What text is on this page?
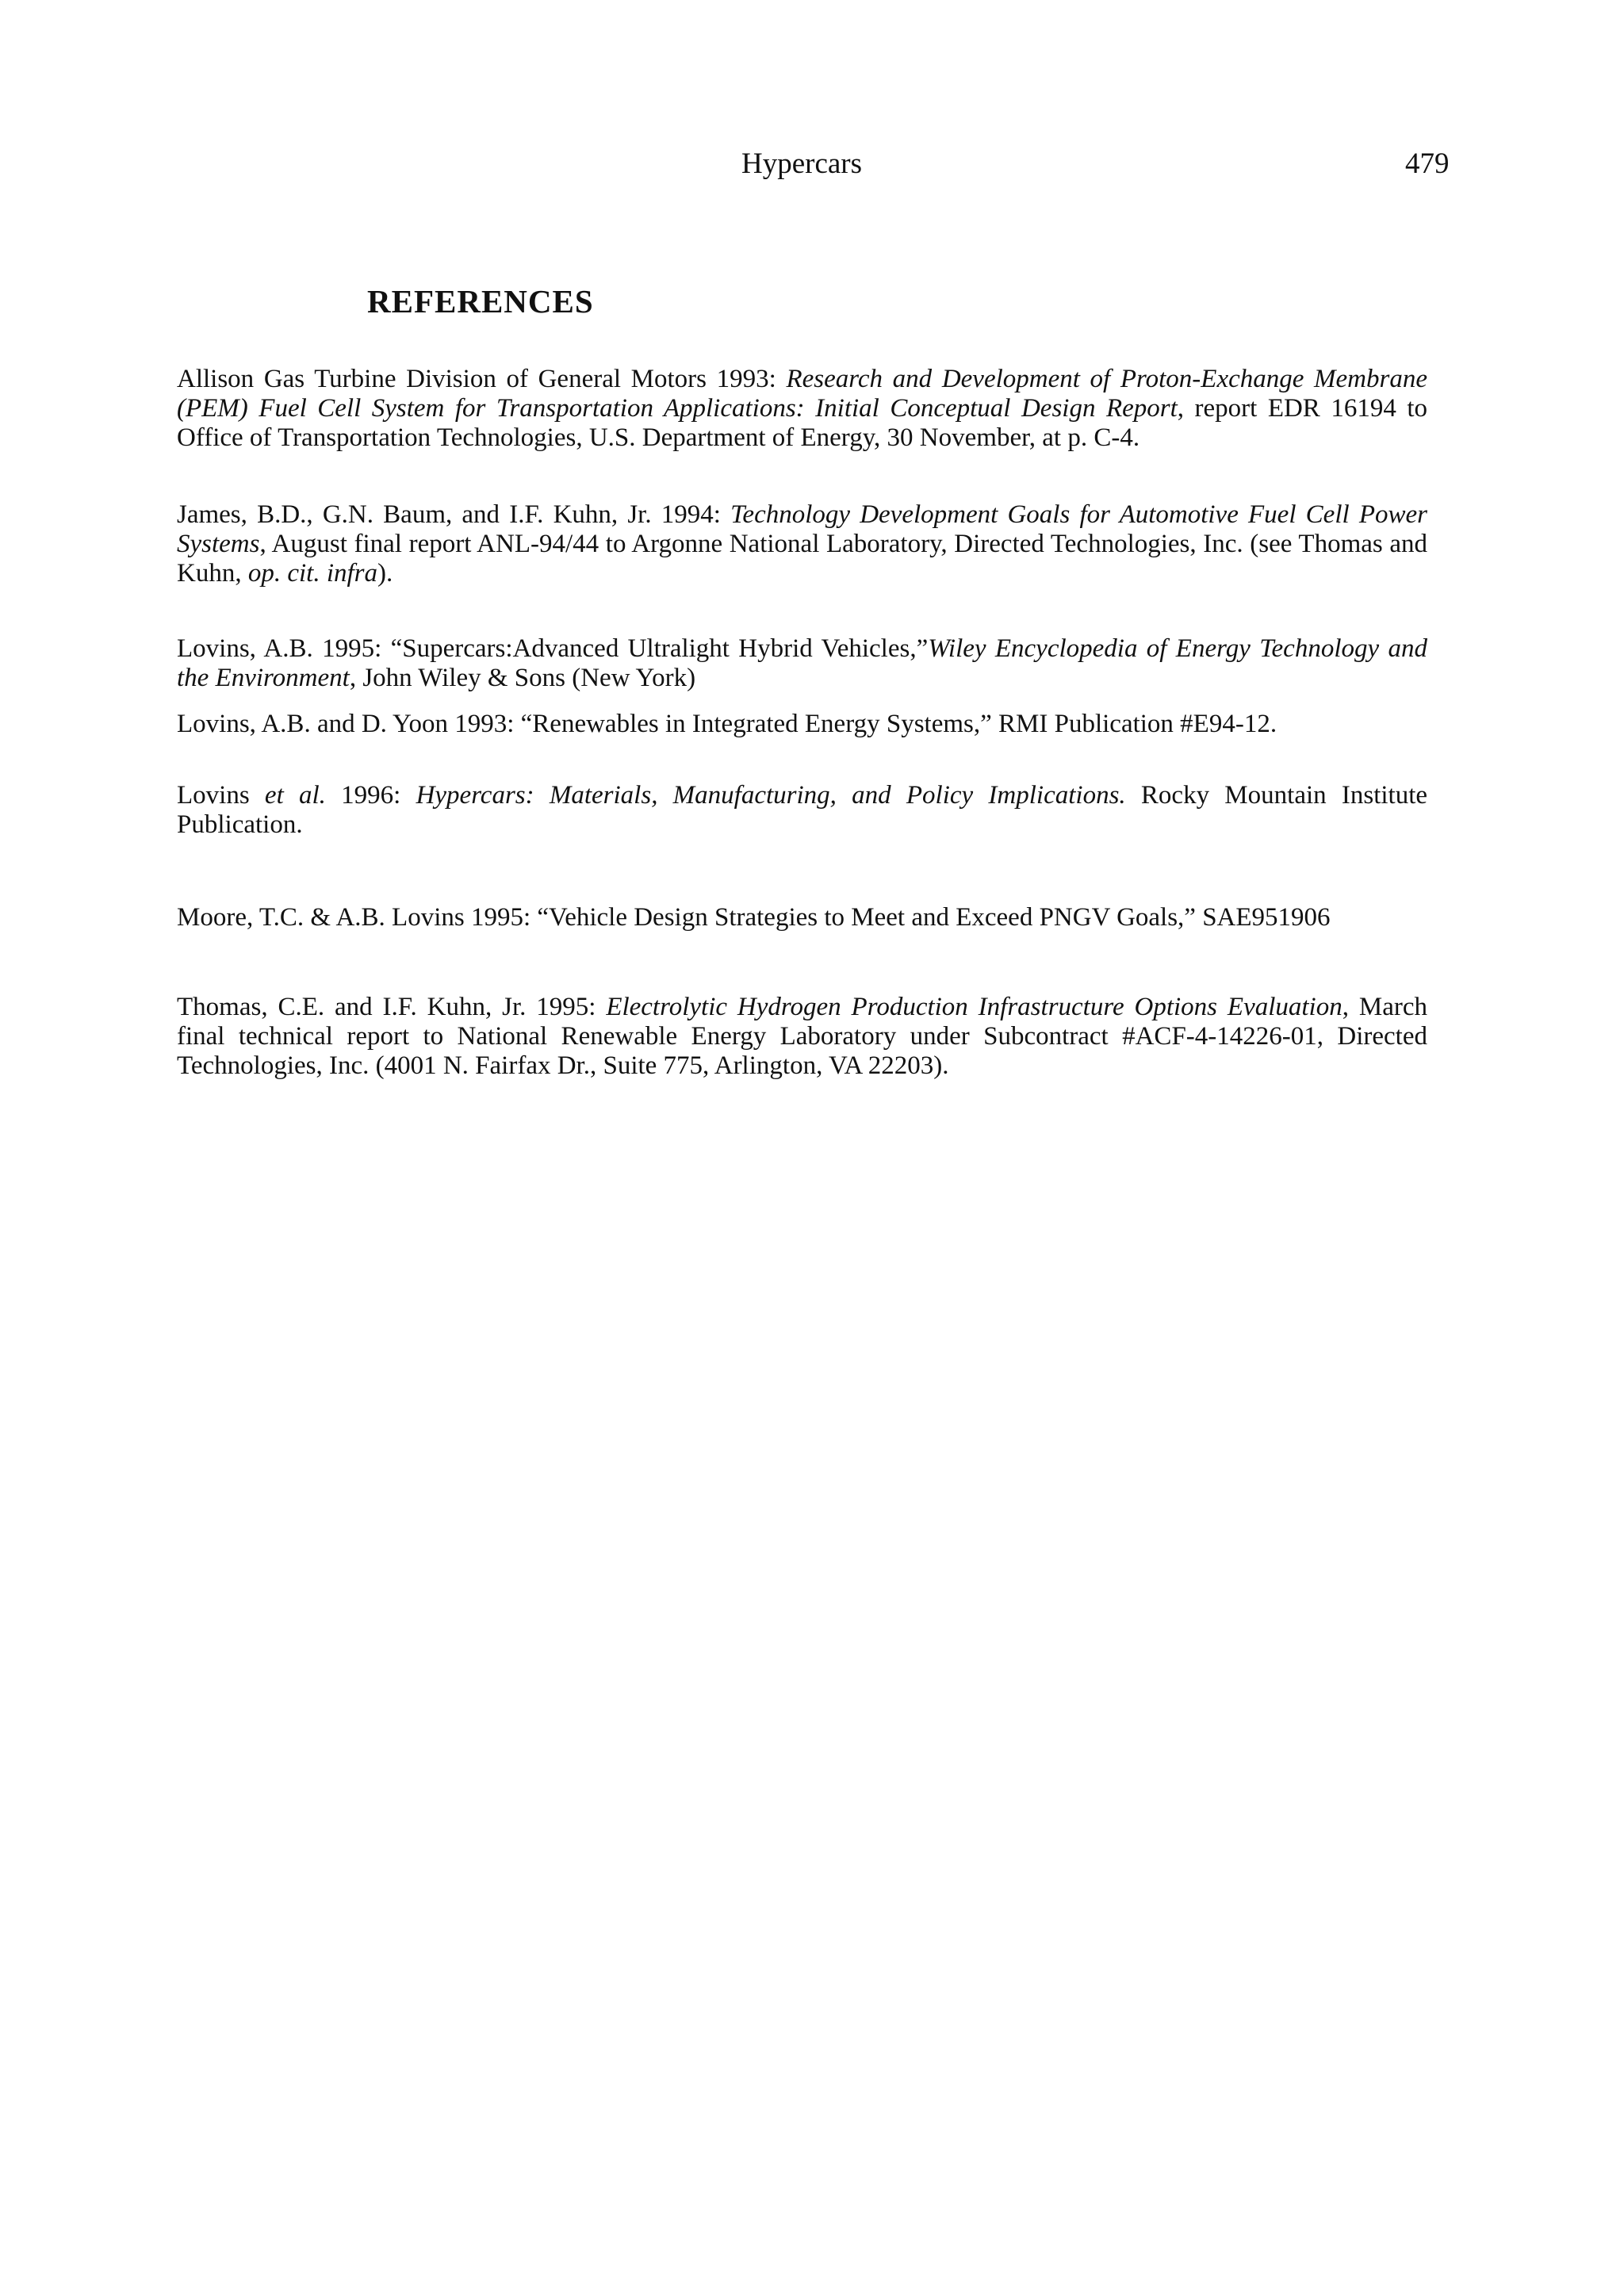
Hypercars	479
REFERENCES

Allison Gas Turbine Division of General Motors 1993: Research and Development of Proton-Exchange Membrane (PEM) Fuel Cell System for Transportation Applications: Initial Conceptual Design Report, report EDR 16194 to Office of Transportation Technologies, U.S. Department of Energy, 30 November, at p. C-4.

James, B.D., G.N. Baum, and I.F. Kuhn, Jr. 1994: Technology Development Goals for Automotive Fuel Cell Power Systems, August final report ANL-94/44 to Argonne National Laboratory, Directed Technologies, Inc. (see Thomas and Kuhn, op. cit. infra).

Lovins, A.B. 1995: “Supercars:Advanced Ultralight Hybrid Vehicles,”Wiley Encyclopedia of Energy Technology and the Environment, John Wiley & Sons (New York)

Lovins, A.B. and D. Yoon 1993: “Renewables in Integrated Energy Systems,” RMI Publication #E94-12.

Lovins et al. 1996: Hypercars: Materials, Manufacturing, and Policy Implications. Rocky Mountain Institute Publication.

Moore, T.C. & A.B. Lovins 1995: “Vehicle Design Strategies to Meet and Exceed PNGV Goals,” SAE951906

Thomas, C.E. and I.F. Kuhn, Jr. 1995: Electrolytic Hydrogen Production Infrastructure Options Evaluation, March final technical report to National Renewable Energy Laboratory under Subcontract #ACF-4-14226-01, Directed Technologies, Inc. (4001 N. Fairfax Dr., Suite 775, Arlington, VA 22203).
